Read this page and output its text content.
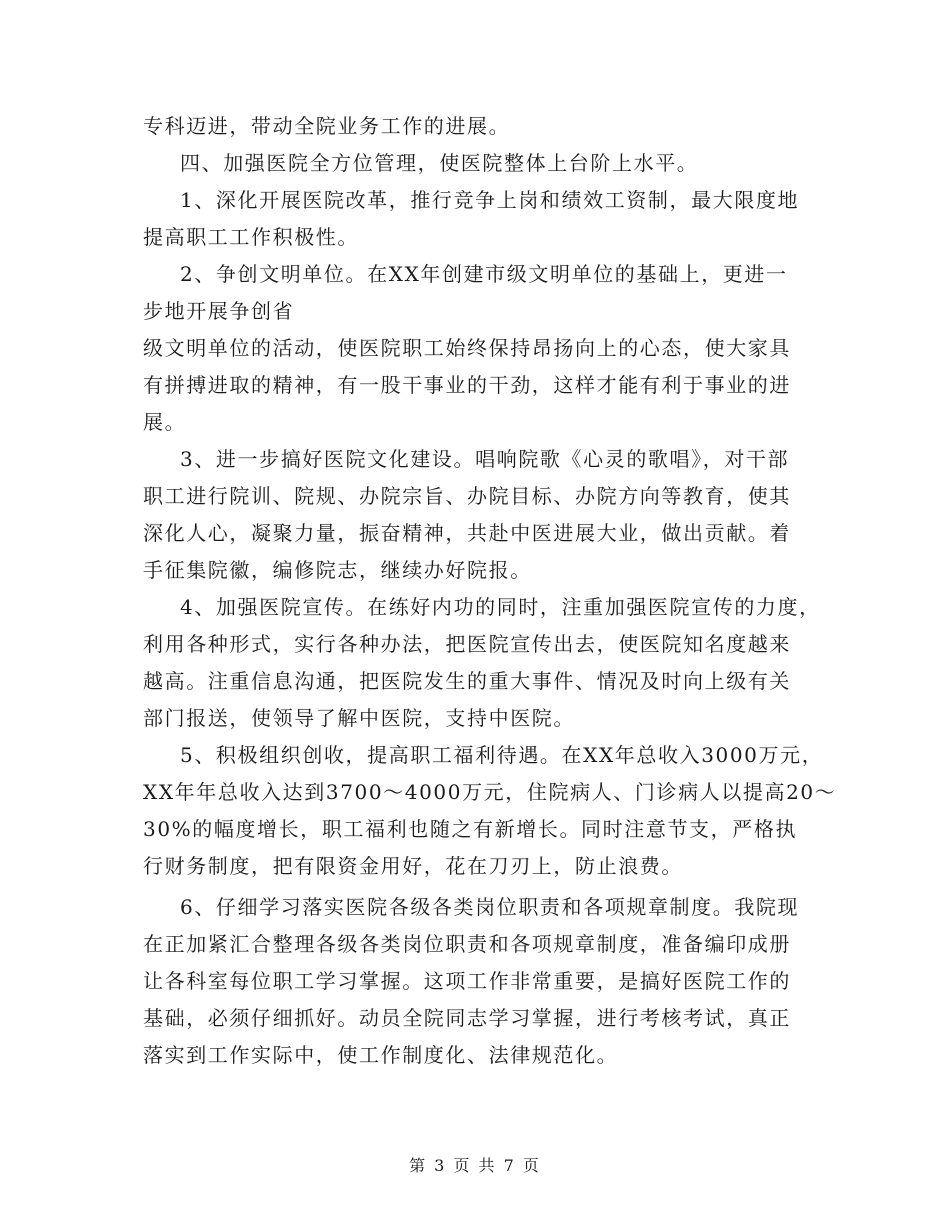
专科迈进，带动全院业务工作的进展。
四、加强医院全方位管理，使医院整体上台阶上水平。
1、深化开展医院改革，推行竞争上岗和绩效工资制，最大限度地
提高职工工作积极性。
2、争创文明单位。在XX年创建市级文明单位的基础上，更进一
步地开展争创省
级文明单位的活动，使医院职工始终保持昂扬向上的心态，使大家具
有拼搏进取的精神，有一股干事业的干劲，这样才能有利于事业的进
展。
3、进一步搞好医院文化建设。唱响院歌《心灵的歌唱》，对干部
职工进行院训、院规、办院宗旨、办院目标、办院方向等教育，使其
深化人心，凝聚力量，振奋精神，共赴中医进展大业，做出贡献。着
手征集院徽，编修院志，继续办好院报。
4、加强医院宣传。在练好内功的同时，注重加强医院宣传的力度，
利用各种形式，实行各种办法，把医院宣传出去，使医院知名度越来
越高。注重信息沟通，把医院发生的重大事件、情况及时向上级有关
部门报送，使领导了解中医院，支持中医院。
5、积极组织创收，提高职工福利待遇。在XX年总收入3000万元，
XX年年总收入达到3700～4000万元，住院病人、门诊病人以提高20～
30%的幅度增长，职工福利也随之有新增长。同时注意节支，严格执
行财务制度，把有限资金用好，花在刀刃上，防止浪费。
6、仔细学习落实医院各级各类岗位职责和各项规章制度。我院现
在正加紧汇合整理各级各类岗位职责和各项规章制度，准备编印成册
让各科室每位职工学习掌握。这项工作非常重要，是搞好医院工作的
基础，必须仔细抓好。动员全院同志学习掌握，进行考核考试，真正
落实到工作实际中，使工作制度化、法律规范化。
第 3 页 共 7 页
